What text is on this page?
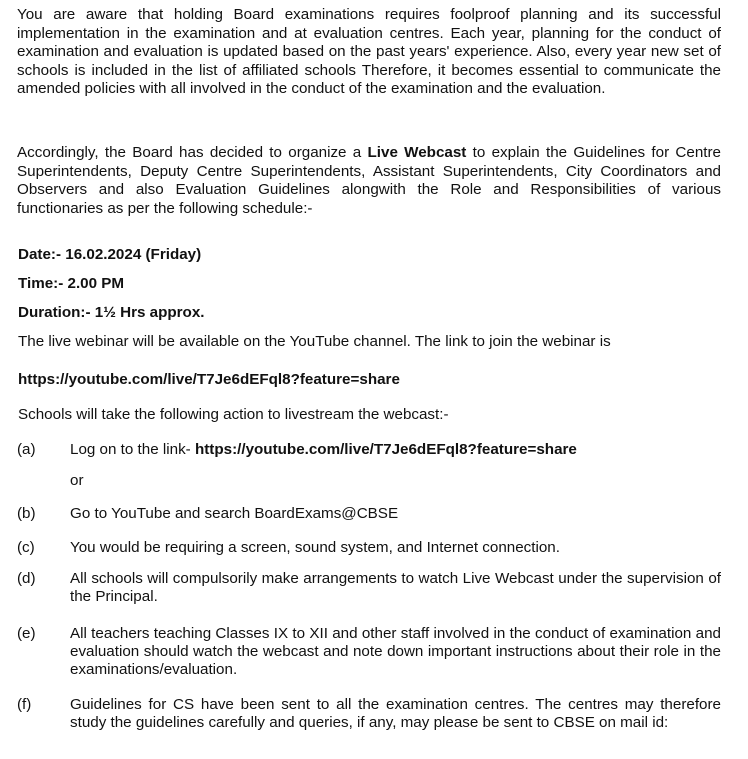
You are aware that holding Board examinations requires foolproof planning and its successful implementation in the examination and at evaluation centres. Each year, planning for the conduct of examination and evaluation is updated based on the past years' experience. Also, every year new set of schools is included in the list of affiliated schools Therefore, it becomes essential to communicate the amended policies with all involved in the conduct of the examination and the evaluation.
Accordingly, the Board has decided to organize a Live Webcast to explain the Guidelines for Centre Superintendents, Deputy Centre Superintendents, Assistant Superintendents, City Coordinators and Observers and also Evaluation Guidelines alongwith the Role and Responsibilities of various functionaries as per the following schedule:-
Date:- 16.02.2024 (Friday)
Time:- 2.00 PM
Duration:- 1½ Hrs approx.
The live webinar will be available on the YouTube channel. The link to join the webinar is
https://youtube.com/live/T7Je6dEFql8?feature=share
Schools will take the following action to livestream the webcast:-
(a) Log on to the link- https://youtube.com/live/T7Je6dEFql8?feature=share
or
(b) Go to YouTube and search BoardExams@CBSE
(c) You would be requiring a screen, sound system, and Internet connection.
(d) All schools will compulsorily make arrangements to watch Live Webcast under the supervision of the Principal.
(e) All teachers teaching Classes IX to XII and other staff involved in the conduct of examination and evaluation should watch the webcast and note down important instructions about their role in the examinations/evaluation.
(f)	Guidelines for CS have been sent to all the examination centres. The centres may therefore study the guidelines carefully and queries, if any, may please be sent to CBSE on mail id:
